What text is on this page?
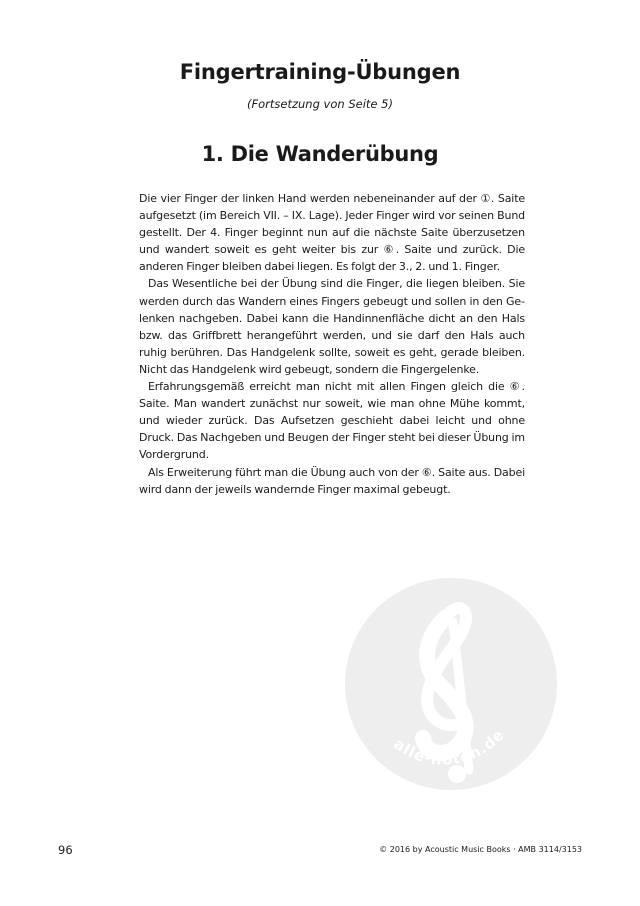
Fingertraining-Übungen
(Fortsetzung von Seite 5)
1. Die Wanderübung

Die vier Finger der linken Hand werden nebeneinander auf der ①. Saite aufgesetzt (im Bereich VII. – IX. Lage). Jeder Finger wird vor seinen Bund gestellt. Der 4. Finger beginnt nun auf die nächste Saite überzusetzen und wandert soweit es geht weiter bis zur ⑥. Saite und zurück. Die anderen Finger bleiben dabei liegen. Es folgt der 3., 2. und 1. Finger.

Das Wesentliche bei der Übung sind die Finger, die liegen bleiben. Sie werden durch das Wandern eines Fingers gebeugt und sollen in den Gelenken nachgeben. Dabei kann die Handinnenfläche dicht an den Hals bzw. das Griffbrett herangeführt werden, und sie darf den Hals auch ruhig berühren. Das Handgelenk sollte, soweit es geht, gerade bleiben. Nicht das Handgelenk wird gebeugt, sondern die Fingergelenke.

Erfahrungsgemäß erreicht man nicht mit allen Fingen gleich die ⑥. Saite. Man wandert zunächst nur soweit, wie man ohne Mühe kommt, und wieder zurück. Das Aufsetzen geschieht dabei leicht und ohne Druck. Das Nachgeben und Beugen der Finger steht bei dieser Übung im Vordergrund.

Als Erweiterung führt man die Übung auch von der ⑥. Saite aus. Dabei wird dann der jeweils wandernde Finger maximal gebeugt.

alle-noten.de
96	© 2016 by Acoustic Music Books · AMB 3114/3153
